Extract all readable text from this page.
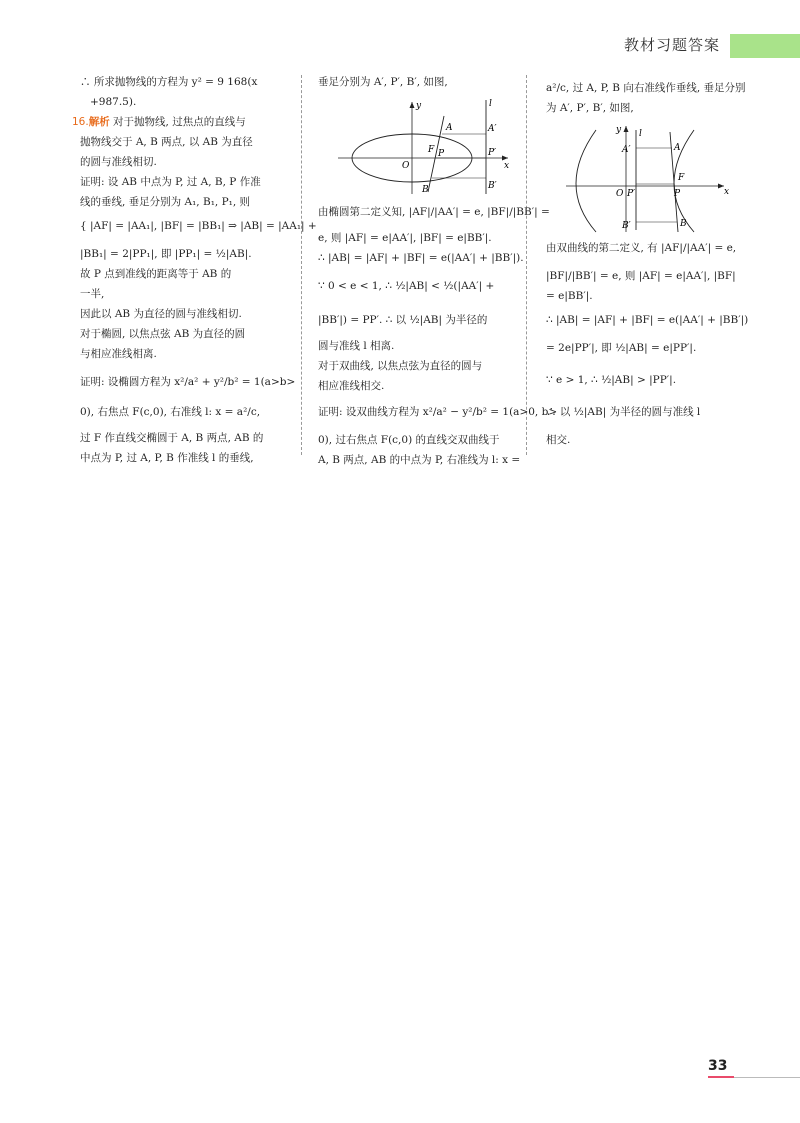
教材习题答案
∴ 所求抛物线的方程为 y² = 9 168(x
+987.5).
16.解析 对于抛物线, 过焦点的直线与
抛物线交于 A, B 两点, 以 AB 为直径
的圆与准线相切.
证明: 设 AB 中点为 P, 过 A, B, P 作准
线的垂线, 垂足分别为 A₁, B₁, P₁, 则
{ |AF| = |AA₁|, |BF| = |BB₁| ⇒ |AB| = |AA₁| +
|BB₁| = 2|PP₁|, 即 |PP₁| = ½|AB|.
故 P 点到准线的距离等于 AB 的
一半,
因此以 AB 为直径的圆与准线相切.
对于椭圆, 以焦点弦 AB 为直径的圆
与相应准线相离.
证明: 设椭圆方程为 x²/a² + y²/b² = 1(a>b>
0), 右焦点 F(c,0), 右准线 l: x = a²/c,
过 F 作直线交椭圆于 A, B 两点, AB 的
中点为 P, 过 A, P, B 作准线 l 的垂线,
垂足分别为 A′, P′, B′, 如图,
y	l
x
O
A
F P
B
A′
P′
B′
由椭圆第二定义知, |AF|/|AA′| = e, |BF|/|BB′| =
e, 则 |AF| = e|AA′|, |BF| = e|BB′|.
∴ |AB| = |AF| + |BF| = e(|AA′| + |BB′|).
∵ 0 < e < 1, ∴ ½|AB| < ½(|AA′| +
|BB′|) = PP′. ∴ 以 ½|AB| 为半径的
圆与准线 l 相离.
对于双曲线, 以焦点弦为直径的圆与
相应准线相交.
证明: 设双曲线方程为 x²/a² − y²/b² = 1(a>0, b>
0), 过右焦点 F(c,0) 的直线交双曲线于
A, B 两点, AB 的中点为 P, 右准线为 l: x =
a²/c, 过 A, P, B 向右准线作垂线, 垂足分别
为 A′, P′, B′, 如图,
y l
x
O
A′
P′
B′
A
F
P
B
由双曲线的第二定义, 有 |AF|/|AA′| = e,
|BF|/|BB′| = e, 则 |AF| = e|AA′|, |BF|
= e|BB′|.
∴ |AB| = |AF| + |BF| = e(|AA′| + |BB′|)
= 2e|PP′|, 即 ½|AB| = e|PP′|.
∵ e > 1, ∴ ½|AB| > |PP′|.
∴ 以 ½|AB| 为半径的圆与准线 l
相交.
33
